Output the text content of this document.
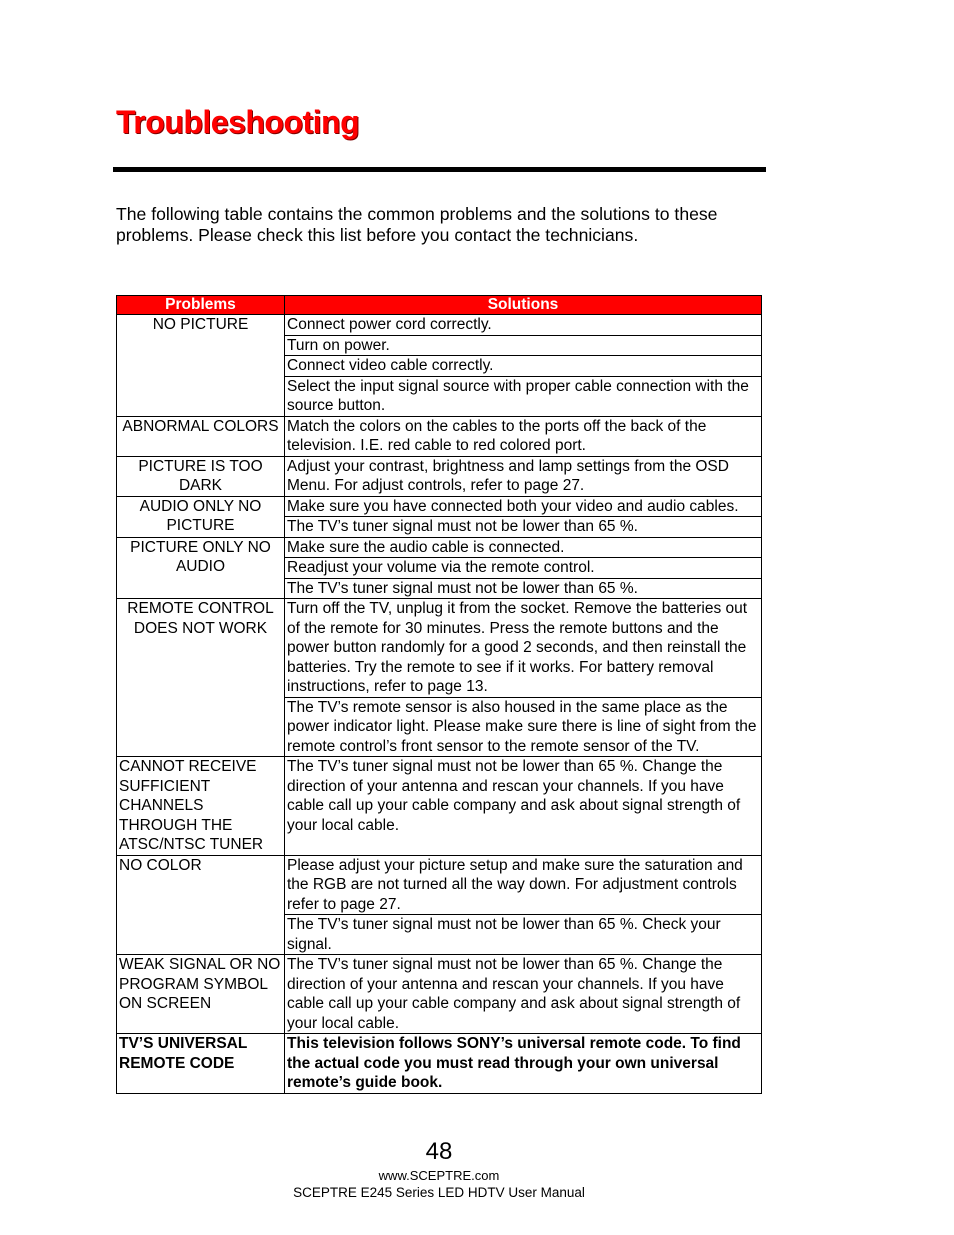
Troubleshooting

The following table contains the common problems and the solutions to these problems. Please check this list before you contact the technicians.

Problems	Solutions
NO PICTURE	Connect power cord correctly.
	Turn on power.
	Connect video cable correctly.
	Select the input signal source with proper cable connection with the source button.
ABNORMAL COLORS	Match the colors on the cables to the ports off the back of the television. I.E. red cable to red colored port.
PICTURE IS TOO DARK	Adjust your contrast, brightness and lamp settings from the OSD Menu. For adjust controls, refer to page 27.
AUDIO ONLY NO PICTURE	Make sure you have connected both your video and audio cables.
	The TV’s tuner signal must not be lower than 65 %.
PICTURE ONLY NO AUDIO	Make sure the audio cable is connected.
	Readjust your volume via the remote control.
	The TV’s tuner signal must not be lower than 65 %.
REMOTE CONTROL DOES NOT WORK	Turn off the TV, unplug it from the socket. Remove the batteries out of the remote for 30 minutes. Press the remote buttons and the power button randomly for a good 2 seconds, and then reinstall the batteries. Try the remote to see if it works. For battery removal instructions, refer to page 13.
	The TV’s remote sensor is also housed in the same place as the power indicator light. Please make sure there is line of sight from the remote control’s front sensor to the remote sensor of the TV.
CANNOT RECEIVE SUFFICIENT CHANNELS THROUGH THE ATSC/NTSC TUNER	The TV’s tuner signal must not be lower than 65 %. Change the direction of your antenna and rescan your channels. If you have cable call up your cable company and ask about signal strength of your local cable.
NO COLOR	Please adjust your picture setup and make sure the saturation and the RGB are not turned all the way down. For adjustment controls refer to page 27.
	The TV’s tuner signal must not be lower than 65 %. Check your signal.
WEAK SIGNAL OR NO PROGRAM SYMBOL ON SCREEN	The TV’s tuner signal must not be lower than 65 %. Change the direction of your antenna and rescan your channels. If you have cable call up your cable company and ask about signal strength of your local cable.
TV’S UNIVERSAL REMOTE CODE	This television follows SONY’s universal remote code. To find the actual code you must read through your own universal remote’s guide book.
48
www.SCEPTRE.com
SCEPTRE E245 Series LED HDTV User Manual
